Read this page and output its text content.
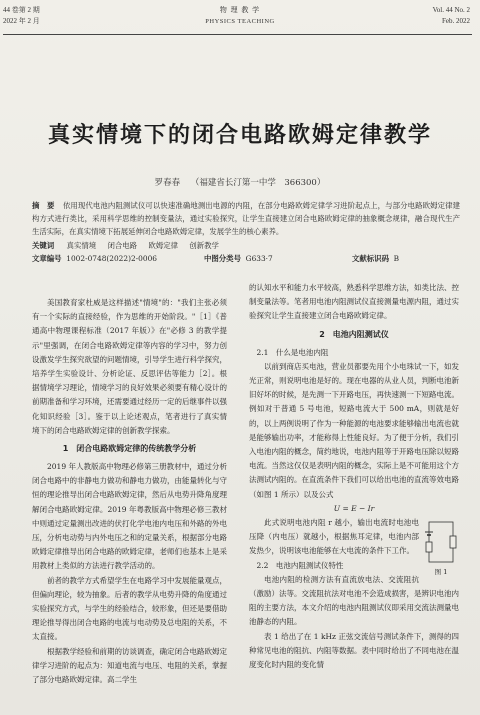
44 卷第 2 期
2022 年 2 月
物 理 教 学
PHYSICS TEACHING
Vol. 44 No. 2
Feb. 2022
真实情境下的闭合电路欧姆定律教学
罗春春 （福建省长汀第一中学　366300）
摘　要 依用现代电池内阻测试仪可以快速准确地测出电源的内阻，在部分电路欧姆定律学习进阶起点上，与部分电路欧姆定律建构方式进行类比，采用科学思维的控制变量法，通过实验探究，让学生直接建立闭合电路欧姆定律的抽象概念规律，融合现代生产生活实际，在真实情境下拓展延伸闭合电路欧姆定律，发展学生的核心素养。
关键词 真实情境 闭合电路 欧姆定律 创新教学
文章编号 1002-0748(2022)2-0006	中图分类号 G633·7	文献标识码 B

美国教育家杜威是这样描述"情境"的："我们主张必须有一个实际的直接经验，作为思维的开始阶段。"［1］《普通高中物理课程标准（2017 年版）》在"必修 3 的教学提示"里强调，在闭合电路欧姆定律等内容的学习中，努力创设激发学生探究欲望的问题情境，引导学生进行科学探究，培养学生实验设计、分析论证、反思评估等能力［2］。根据情境学习理论，情境学习的良好效果必须要有精心设计的前期准备和学习环境，还需要通过经历一定的后继事件以强化知识经验［3］。鉴于以上论述观点，笔者进行了真实情境下的闭合电路欧姆定律的创新教学探索。

1　闭合电路欧姆定律的传统教学分析

2019 年人教版高中物理必修第三册教材中，通过分析闭合电路中的非静电力做功和静电力做功，由能量转化与守恒的理论推导出闭合电路欧姆定律，然后从电势升降角度理解闭合电路欧姆定律。2019 年粤教版高中物理必修三教材中则通过定量测出改进的伏打化学电池内电压和外路的外电压，分析电动势与内外电压之和的定量关系，根据部分电路欧姆定律推导出闭合电路的欧姆定律，老师们也基本上是采用教材上类似的方法进行教学活动的。

前者的教学方式希望学生在电路学习中发展能量观点，但偏向理论，较为抽象。后者的教学从电势升降的角度通过实验探究方式，与学生的经验结合，较形象，但还是要借助理论推导得出闭合电路的电流与电动势及总电阻的关系，不太直接。

根据教学经验和前期的访谈调查，确定闭合电路欧姆定律学习进阶的起点为：知道电流与电压、电阻的关系，掌握了部分电路欧姆定律。高二学生

的认知水平和能力水平较高，熟悉科学思维方法，如类比法、控制变量法等。笔者用电池内阻测试仪直接测量电源内阻，通过实验探究让学生直接建立闭合电路欧姆定律。

2　电池内阻测试仪
2.1　什么是电池内阻

以前到商店买电池，营业员都要先用个小电珠试一下，如发光正常，则说明电池是好的。现在电器的从业人员，判断电池新旧好坏的时候，是先测一下开路电压，再快速测一下短路电流。例如对于普通 5 号电池，短路电流大于 500 mA，则就是好的，以上两例说明了作为一种能源的电池要求能够输出电流也就是能够输出功率，才能称得上性能良好。为了便于分析，我们引入电池内阻的概念，简约地说，电池内阻等于开路电压除以短路电流。当然这仅仅是表明内阻的概念，实际上是不可能用这个方法测试内阻的。在直流条件下我们可以给出电池的直流等效电路（如图 1 所示）以及公式

U = E − Ir

图 1

此式说明电池内阻 r 越小，输出电流时电池电压降（内电压）就越小，根据焦耳定律，电池内部发热少，说明该电池能够在大电流的条件下工作。

2.2　电池内阻测试仪特性

电池内阻的检测方法有直流放电法、交流阻抗（激励）法等。交流阻抗法对电池不会造成损害，是辨识电池内阻的主要方法，本文介绍的电池内阻测试仪即采用交流法测量电池静态的内阻。

表 1 给出了在 1 kHz 正弦交流信号测试条件下，测得的四种常见电池的阻抗、内阻等数据。表中同时给出了不同电池在温度变化时内阻的变化情
